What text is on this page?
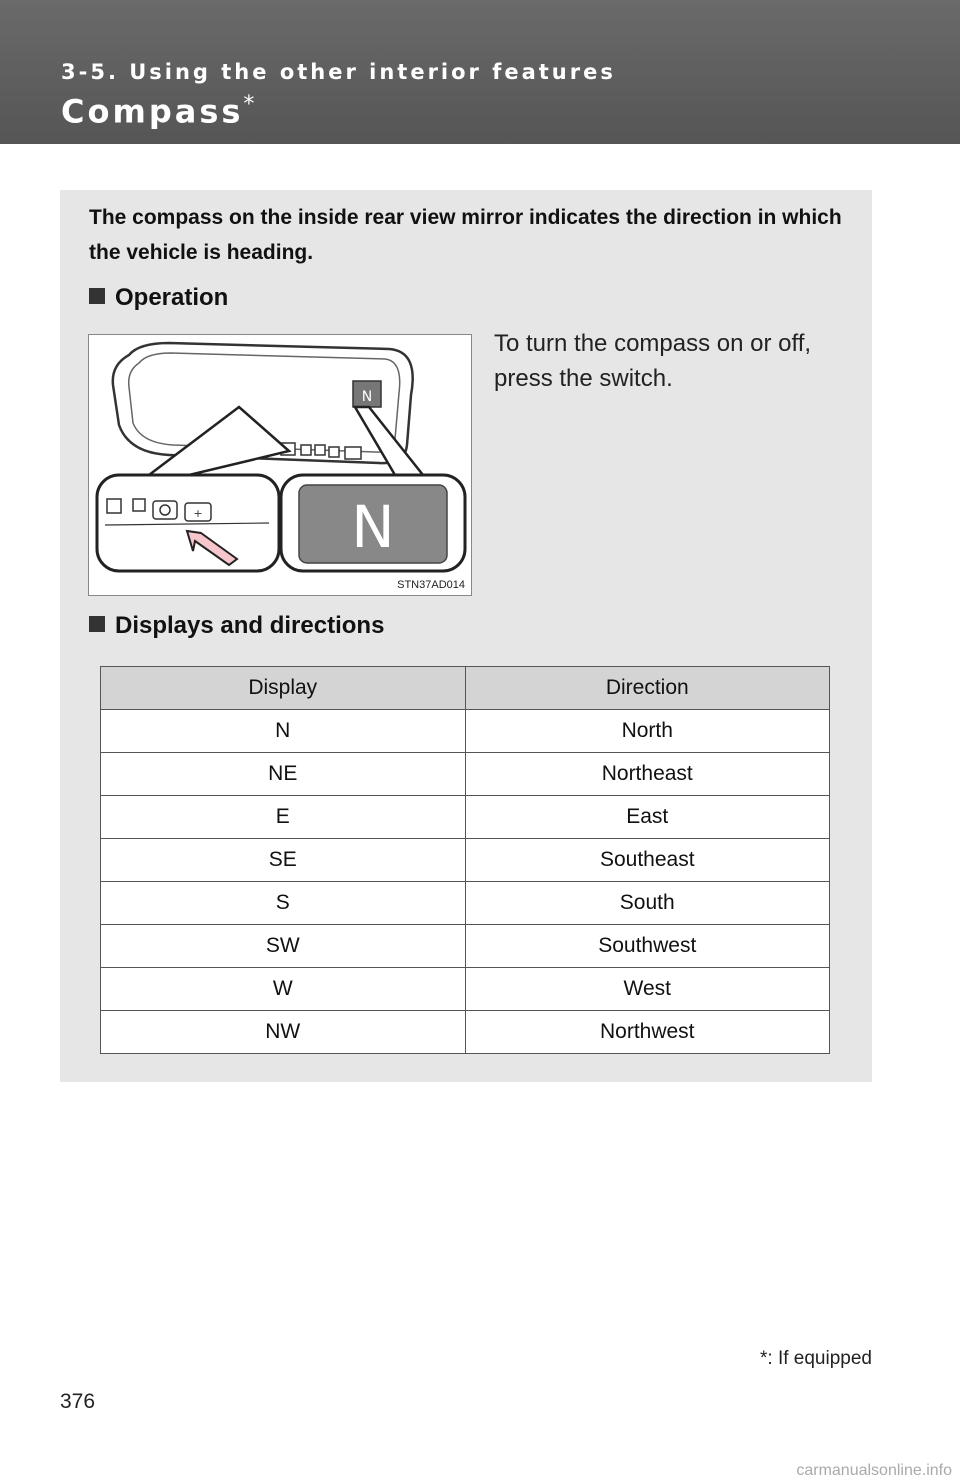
3-5. Using the other interior features
Compass*
The compass on the inside rear view mirror indicates the direction in which the vehicle is heading.
Operation
N
+	N
STN37AD014
To turn the compass on or off, press the switch.
Displays and directions
Display	Direction
N	North
NE	Northeast
E	East
SE	Southeast
S	South
SW	Southwest
W	West
NW	Northwest
*: If equipped
376
carmanualsonline.info
